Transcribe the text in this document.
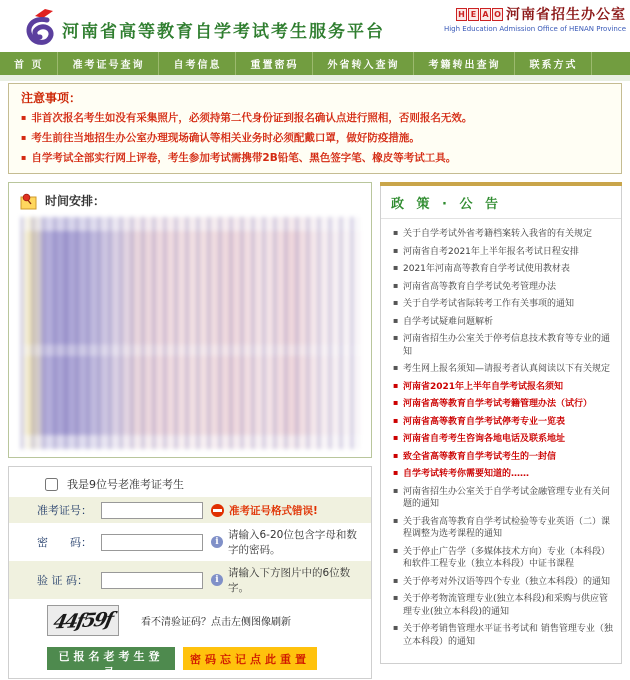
河南省高等教育自学考试考生服务平台
H E A O 河南省招生办公室
High Education Admission Office of HENAN Province
首 页	准考证号查询	自考信息	重置密码	外省转入查询	考籍转出查询	联系方式
注意事项：
▪ 非首次报名考生如没有采集照片，必须持第二代身份证到报名确认点进行照相，否则报名无效。
▪ 考生前往当地招生办公室办理现场确认等相关业务时必须配戴口罩，做好防疫措施。
▪ 自学考试全部实行网上评卷，考生参加考试需携带2B铅笔、黑色签字笔、橡皮等考试工具。
时间安排：
我是9位号老准考证考生
准考证号：	准考证号格式错误!
密　　码：	i
请输入6-20位包含字母和数字的密码。
验 证 码：	i
请输入下方图片中的6位数字。
44f59f	看不清验证码？点击左侧图像刷新
已报名老考生登录
密码忘记点此重置
政 策 · 公 告
▪ 关于自学考试外省考籍档案转入我省的有关规定
▪ 河南省自考2021年上半年报名考试日程安排
▪ 2021年河南高等教育自学考试使用教材表
▪ 河南省高等教育自学考试免考管理办法
▪ 关于自学考试省际转考工作有关事项的通知
▪ 自学考试疑难问题解析
▪ 河南省招生办公室关于停考信息技术教育等专业的通知
▪ 考生网上报名须知—请报考者认真阅读以下有关规定
▪ 河南省2021年上半年自学考试报名须知
▪ 河南省高等教育自学考试考籍管理办法（试行）
▪ 河南省高等教育自学考试停考专业一览表
▪ 河南省自考考生咨询各地电话及联系地址
▪ 致全省高等教育自学考试考生的一封信
▪ 自学考试转考你需要知道的……
▪ 河南省招生办公室关于自学考试金融管理专业有关问题的通知
▪ 关于我省高等教育自学考试检验等专业英语（二）课程调整为选考课程的通知
▪ 关于停止广告学（多媒体技术方向）专业（本科段）和软件工程专业（独立本科段）中证书课程
▪ 关于停考对外汉语等四个专业（独立本科段）的通知
▪ 关于停考物流管理专业(独立本科段)和采购与供应管理专业(独立本科段)的通知
▪ 关于停考销售管理水平证书考试和 销售管理专业（独立本科段）的通知
